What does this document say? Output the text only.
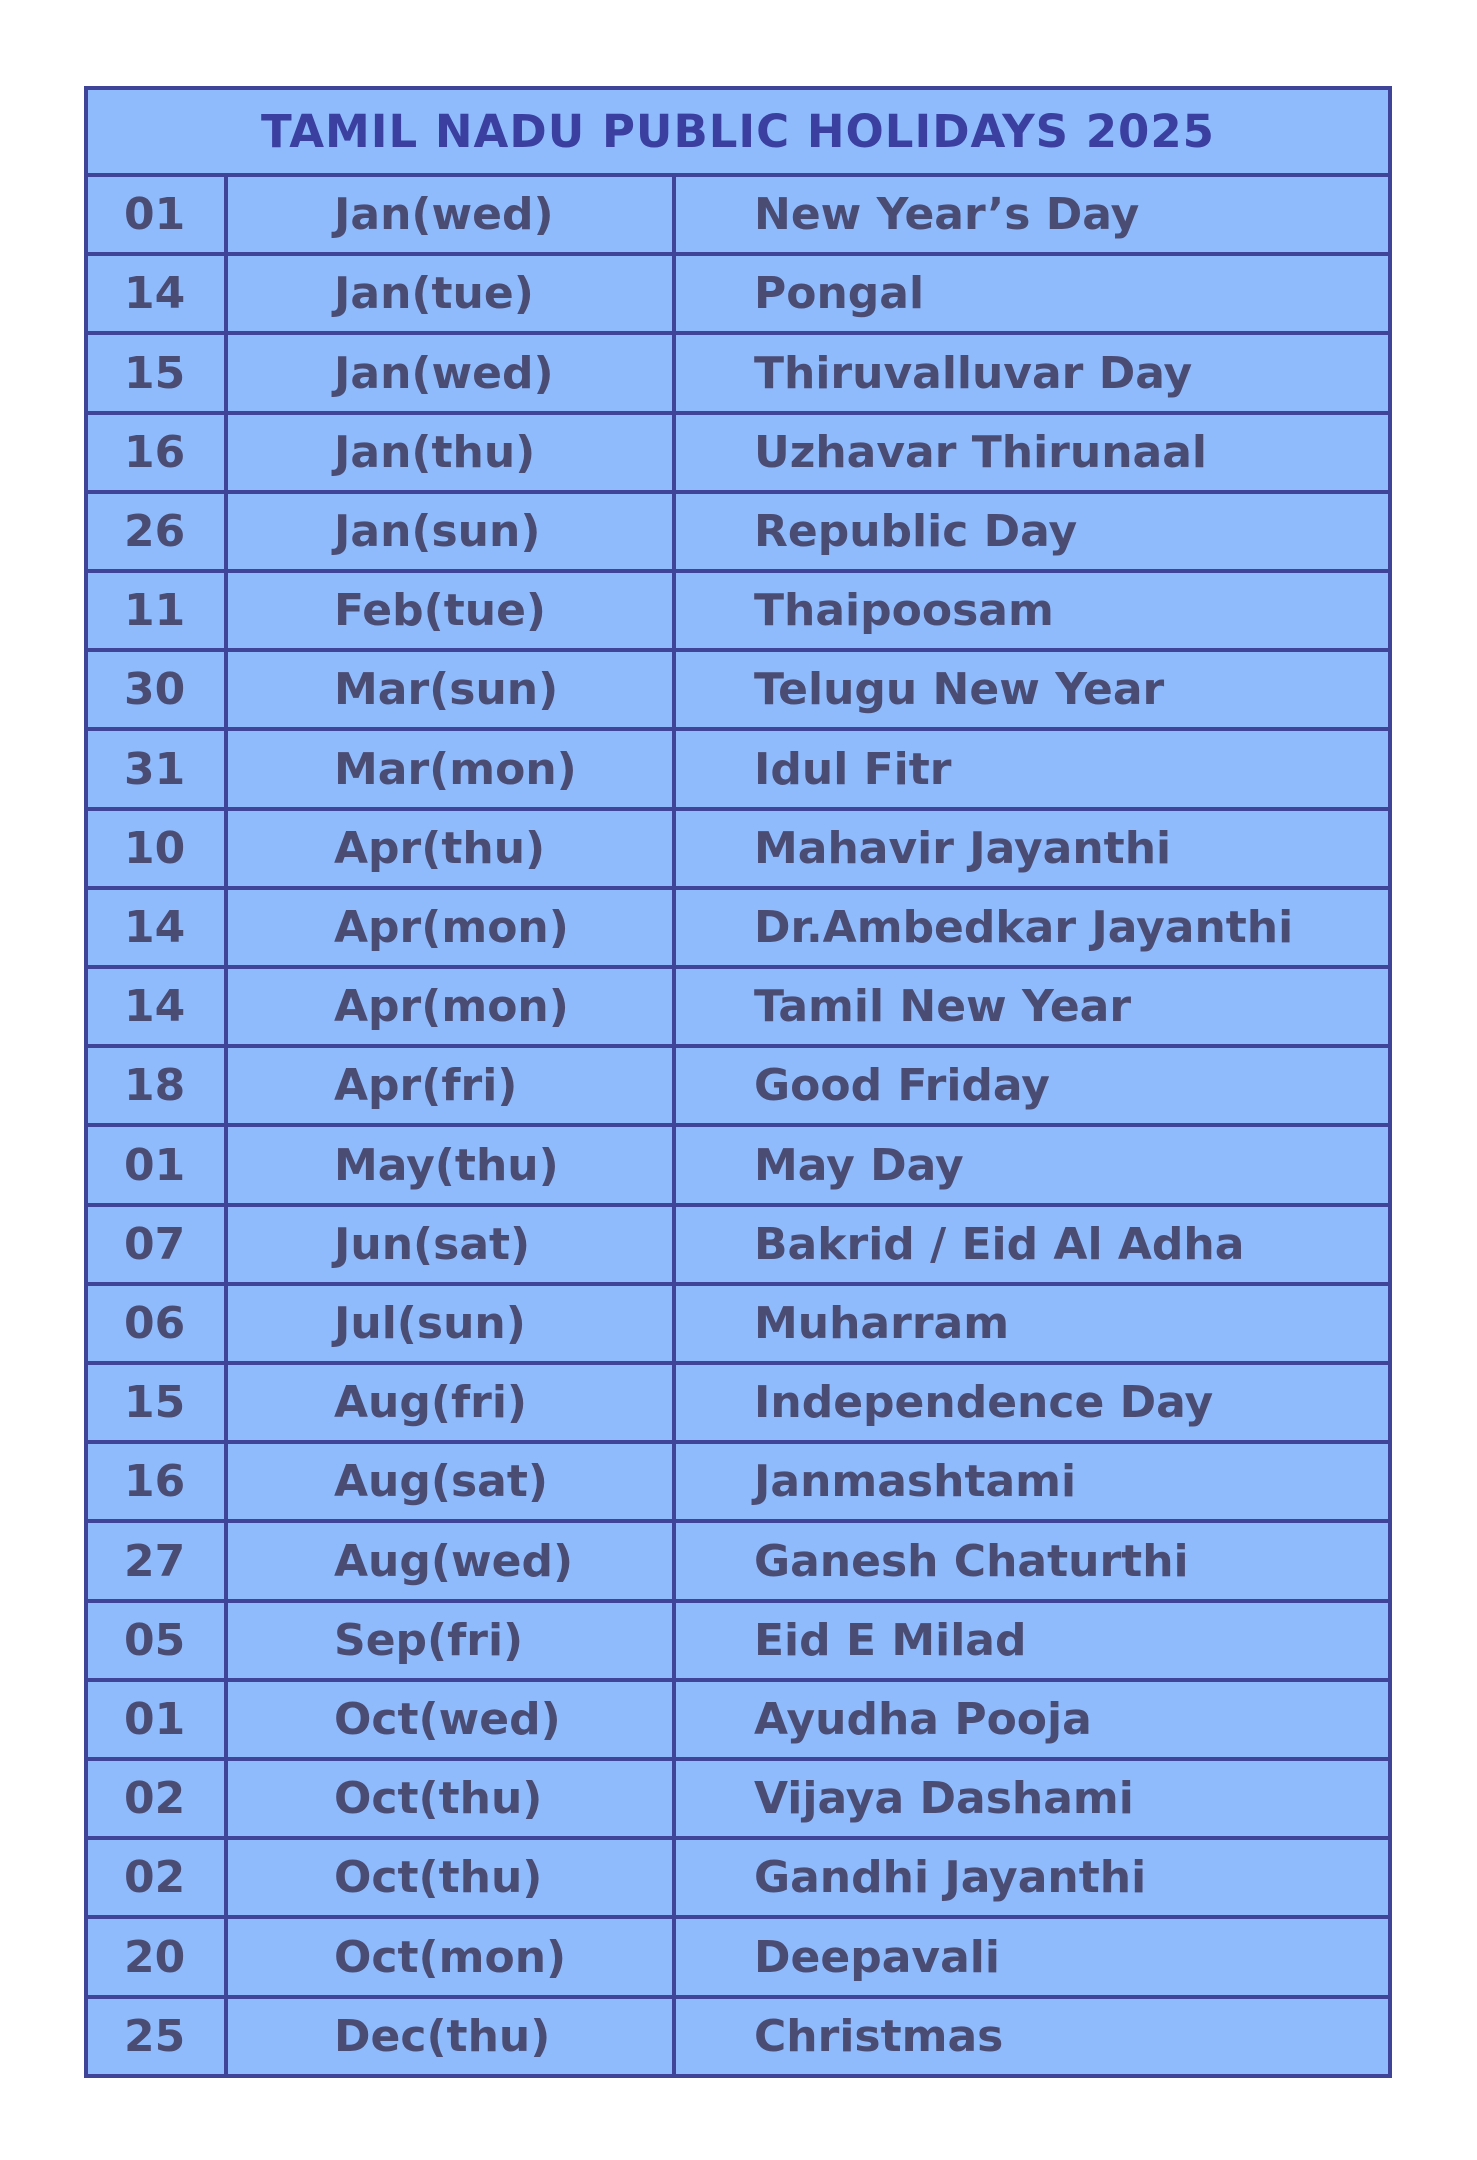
TAMIL NADU PUBLIC HOLIDAYS 2025
01	Jan(wed)	New Year’s Day
14	Jan(tue)	Pongal
15	Jan(wed)	Thiruvalluvar Day
16	Jan(thu)	Uzhavar Thirunaal
26	Jan(sun)	Republic Day
11	Feb(tue)	Thaipoosam
30	Mar(sun)	Telugu New Year
31	Mar(mon)	Idul Fitr
10	Apr(thu)	Mahavir Jayanthi
14	Apr(mon)	Dr.Ambedkar Jayanthi
14	Apr(mon)	Tamil New Year
18	Apr(fri)	Good Friday
01	May(thu)	May Day
07	Jun(sat)	Bakrid / Eid Al Adha
06	Jul(sun)	Muharram
15	Aug(fri)	Independence Day
16	Aug(sat)	Janmashtami
27	Aug(wed)	Ganesh Chaturthi
05	Sep(fri)	Eid E Milad
01	Oct(wed)	Ayudha Pooja
02	Oct(thu)	Vijaya Dashami
02	Oct(thu)	Gandhi Jayanthi
20	Oct(mon)	Deepavali
25	Dec(thu)	Christmas
